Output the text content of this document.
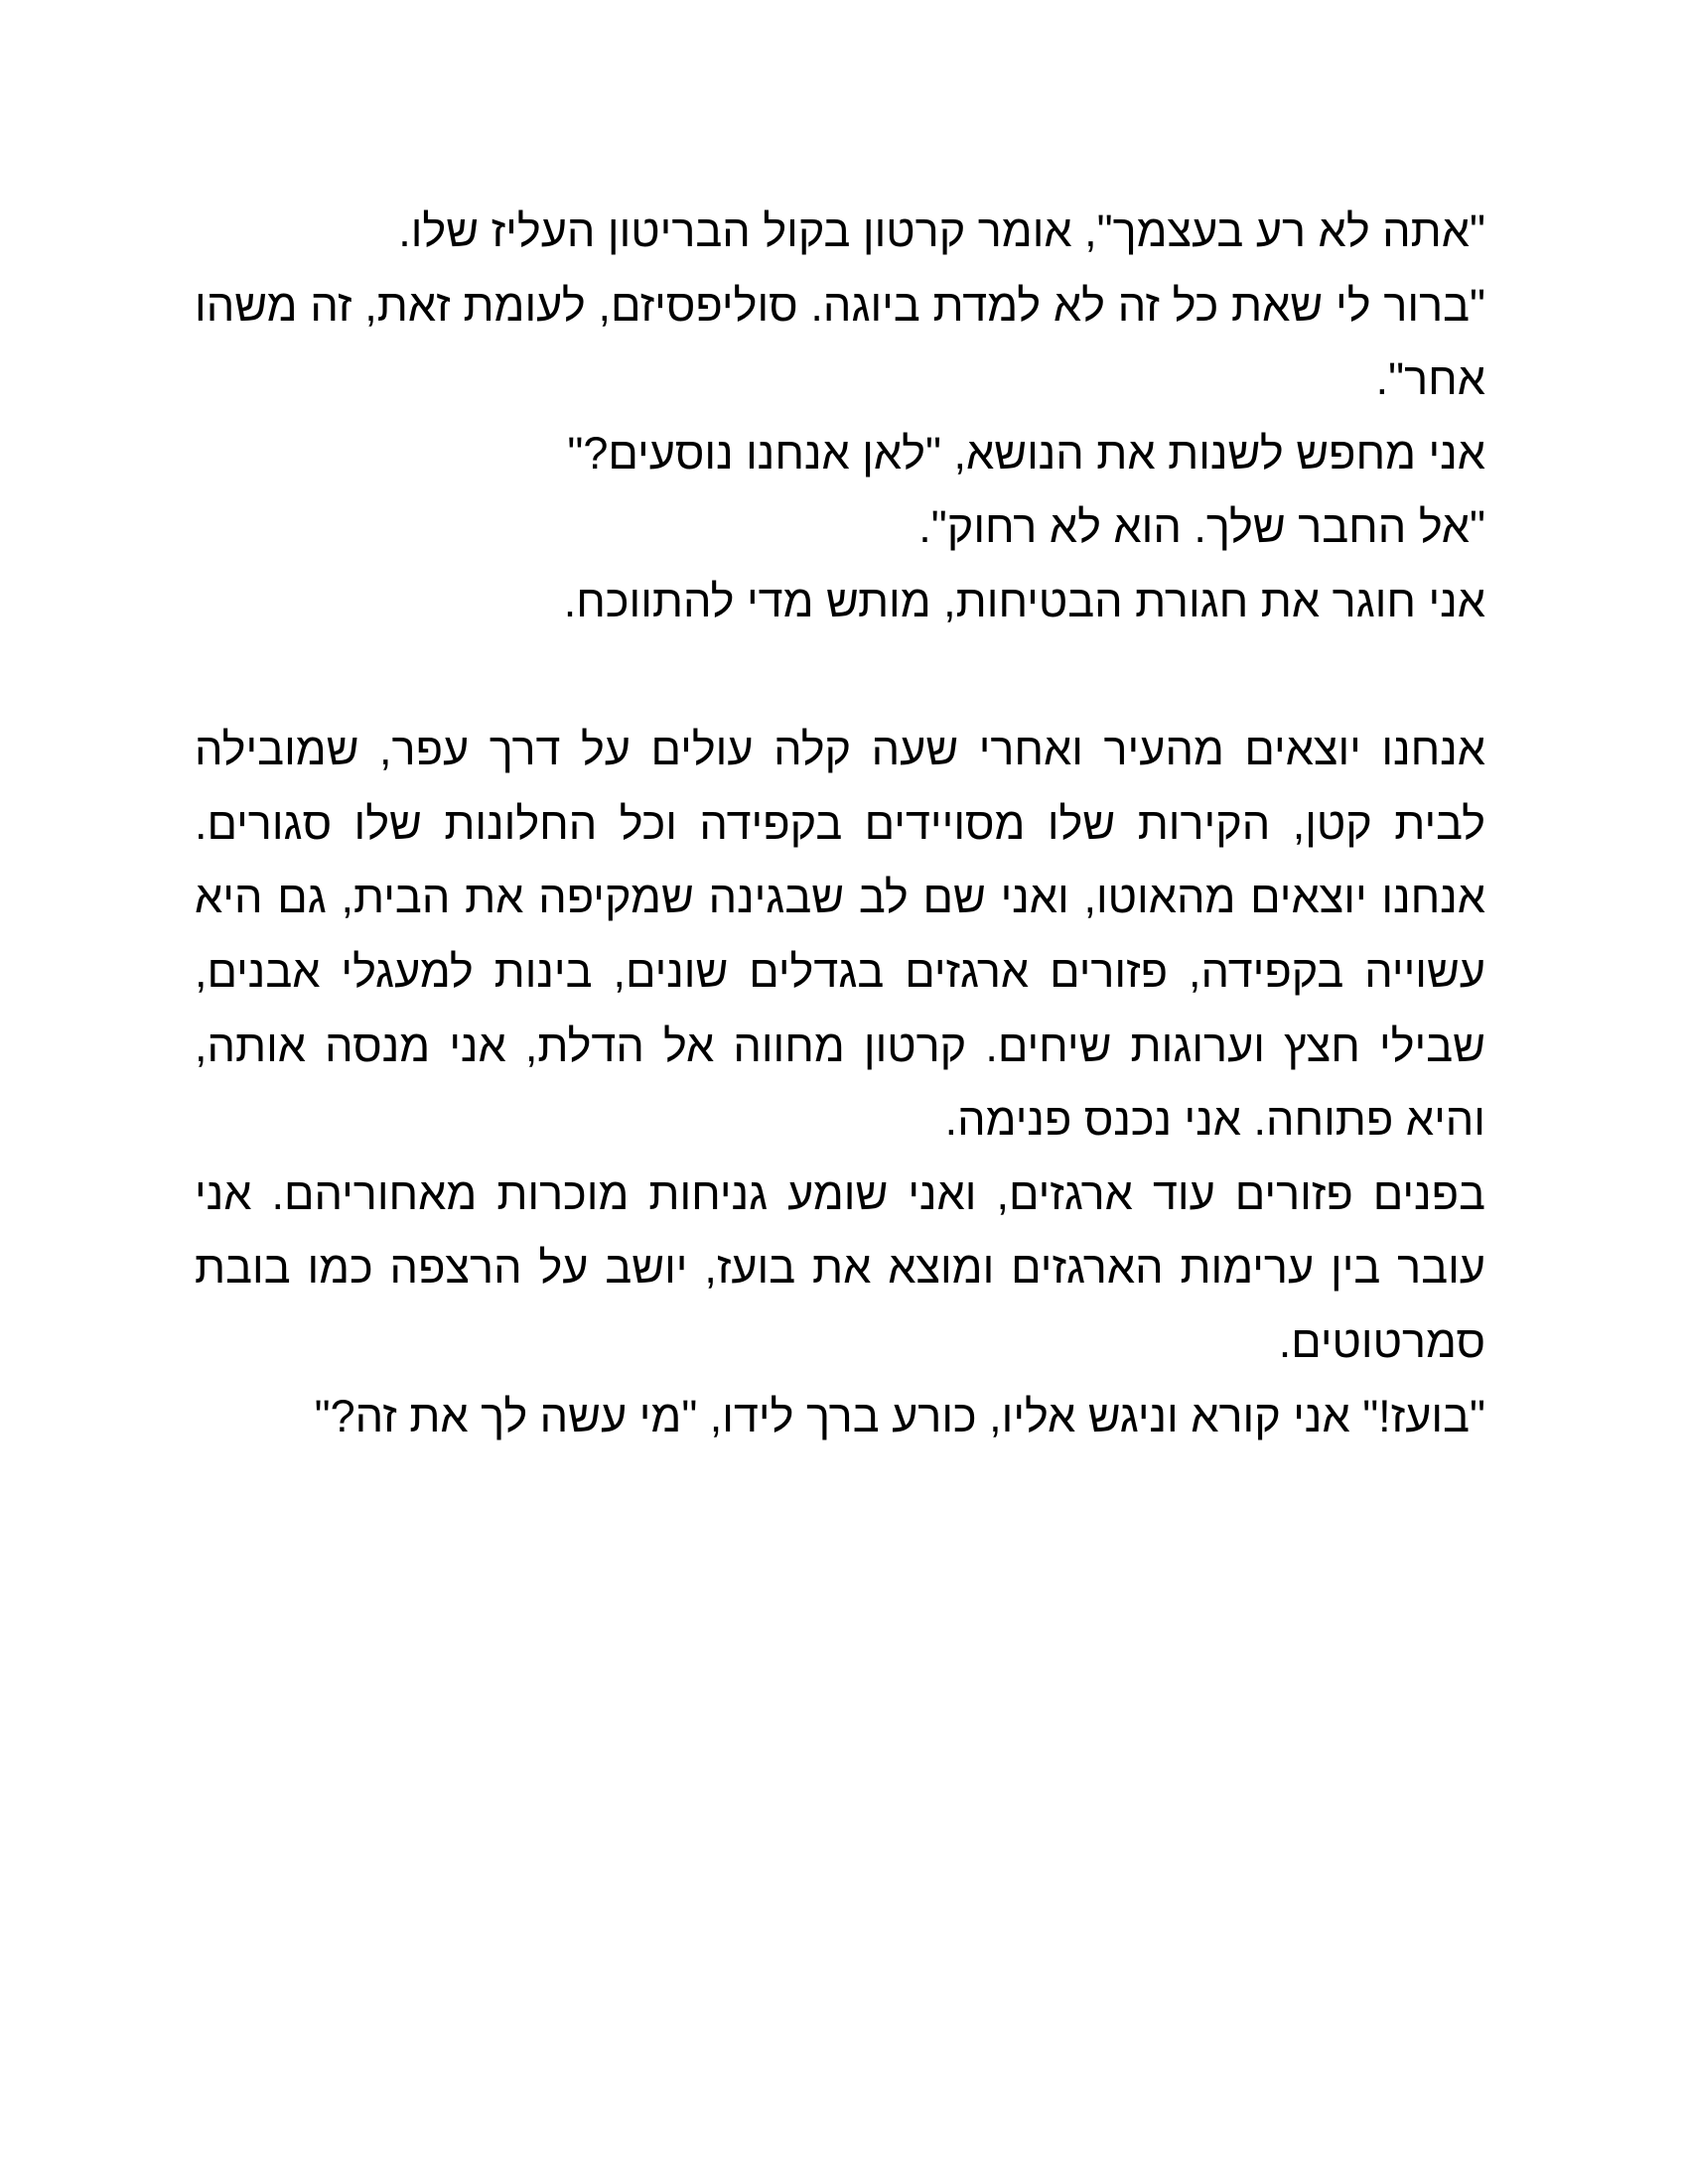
"אתה לא רע בעצמך", אומר קרטון בקול הבריטון העליז שלו.

"ברור לי שאת כל זה לא למדת ביוגה. סוליפסיזם, לעומת זאת, זה משהו אחר".

אני מחפש לשנות את הנושא, "לאן אנחנו נוסעים?"

"אל החבר שלך. הוא לא רחוק".

אני חוגר את חגורת הבטיחות, מותש מדי להתווכח.

אנחנו יוצאים מהעיר ואחרי שעה קלה עולים על דרך עפר, שמובילה לבית קטן, הקירות שלו מסויידים בקפידה וכל החלונות שלו סגורים. אנחנו יוצאים מהאוטו, ואני שם לב שבגינה שמקיפה את הבית, גם היא עשוייה בקפידה, פזורים ארגזים בגדלים שונים, בינות למעגלי אבנים, שבילי חצץ וערוגות שיחים. קרטון מחווה אל הדלת, אני מנסה אותה, והיא פתוחה. אני נכנס פנימה.

בפנים פזורים עוד ארגזים, ואני שומע גניחות מוכרות מאחוריהם. אני עובר בין ערימות הארגזים ומוצא את בועז, יושב על הרצפה כמו בובת סמרטוטים.

"בועז!" אני קורא וניגש אליו, כורע ברך לידו, "מי עשה לך את זה?"
